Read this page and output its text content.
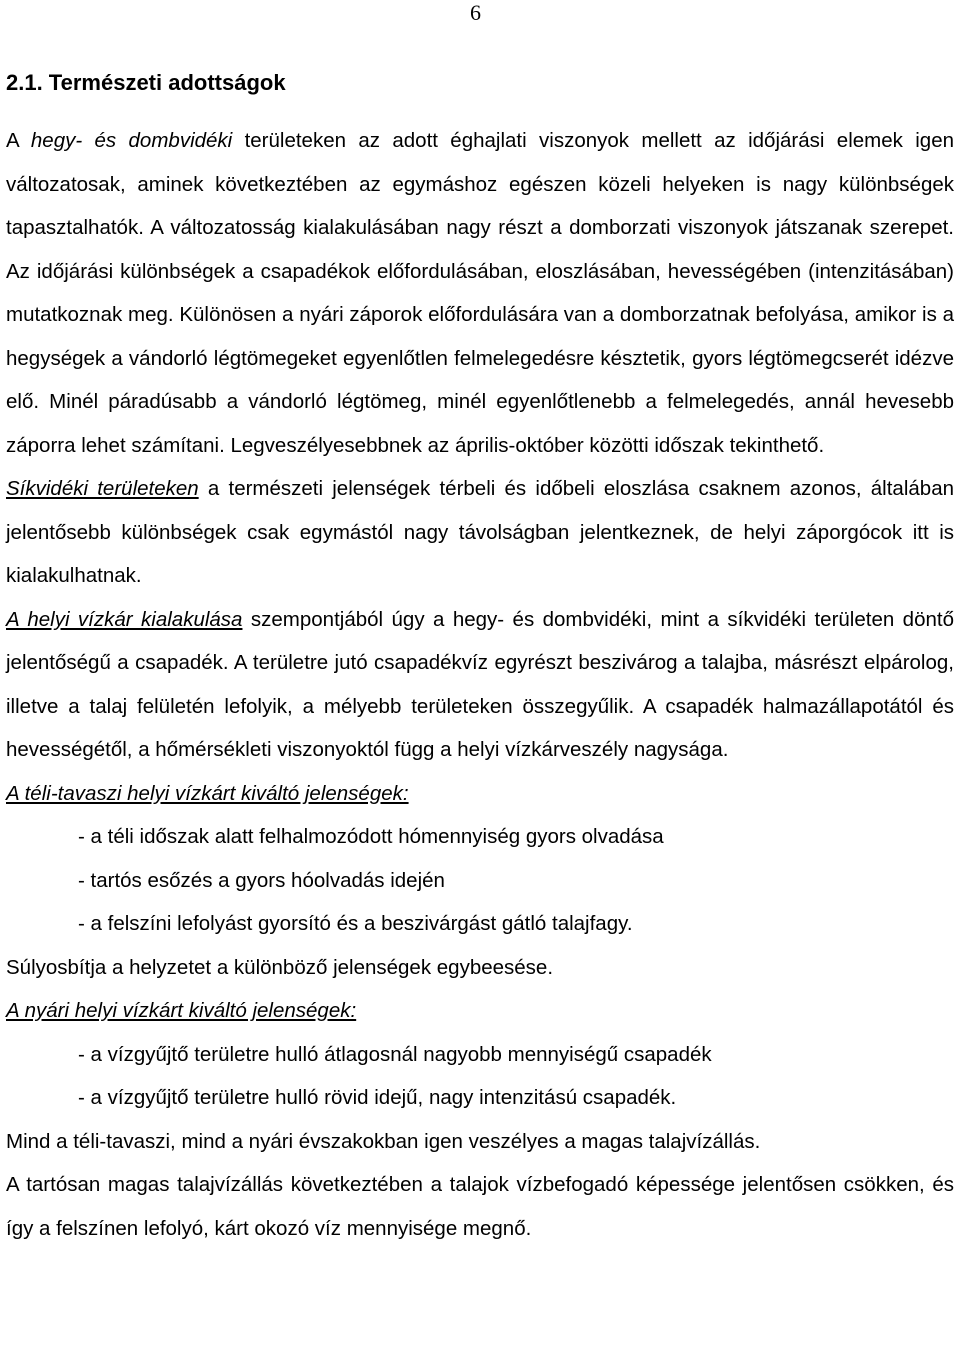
6
2.1. Természeti adottságok

A hegy- és dombvidéki területeken az adott éghajlati viszonyok mellett az időjárási elemek igen változatosak, aminek következtében az egymáshoz egészen közeli helyeken is nagy különbségek tapasztalhatók. A változatosság kialakulásában nagy részt a domborzati viszonyok játszanak szerepet. Az időjárási különbségek a csapadékok előfordulásában, eloszlásában, hevességében (intenzitásában) mutatkoznak meg. Különösen a nyári záporok előfordulására van a domborzatnak befolyása, amikor is a hegységek a vándorló légtömegeket egyenlőtlen felmelegedésre késztetik, gyors légtömegcserét idézve elő. Minél páradúsabb a vándorló légtömeg, minél egyenlőtlenebb a felmelegedés, annál hevesebb záporra lehet számítani. Legveszélyesebbnek az április-október közötti időszak tekinthető.

Síkvidéki területeken a természeti jelenségek térbeli és időbeli eloszlása csaknem azonos, általában jelentősebb különbségek csak egymástól nagy távolságban jelentkeznek, de helyi záporgócok itt is kialakulhatnak.

A helyi vízkár kialakulása szempontjából úgy a hegy- és dombvidéki, mint a síkvidéki területen döntő jelentőségű a csapadék. A területre jutó csapadékvíz egyrészt beszivárog a talajba, másrészt elpárolog, illetve a talaj felületén lefolyik, a mélyebb területeken összegyűlik. A csapadék halmazállapotától és hevességétől, a hőmérsékleti viszonyoktól függ a helyi vízkárveszély nagysága.

A téli-tavaszi helyi vízkárt kiváltó jelenségek:

- a téli időszak alatt felhalmozódott hómennyiség gyors olvadása

- tartós esőzés a gyors hóolvadás idején

- a felszíni lefolyást gyorsító és a beszivárgást gátló talajfagy.

Súlyosbítja a helyzetet a különböző jelenségek egybeesése.

A nyári helyi vízkárt kiváltó jelenségek:

- a vízgyűjtő területre hulló átlagosnál nagyobb mennyiségű csapadék

- a vízgyűjtő területre hulló rövid idejű, nagy intenzitású csapadék.

Mind a téli-tavaszi, mind a nyári évszakokban igen veszélyes a magas talajvízállás.

A tartósan magas talajvízállás következtében a talajok vízbefogadó képessége jelentősen csökken, és így a felszínen lefolyó, kárt okozó víz mennyisége megnő.
